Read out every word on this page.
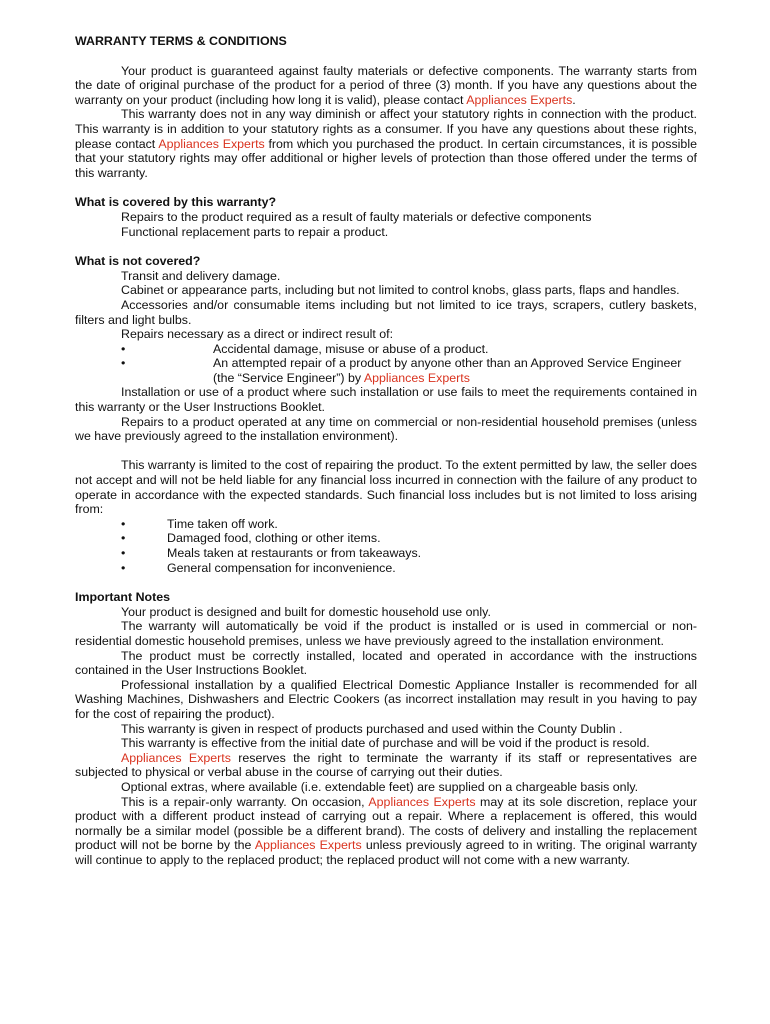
WARRANTY TERMS & CONDITIONS
Your product is guaranteed against faulty materials or defective components. The warranty starts from the date of original purchase of the product for a period of three (3) month. If you have any questions about the warranty on your product (including how long it is valid), please contact Appliances Experts.
This warranty does not in any way diminish or affect your statutory rights in connection with the product. This warranty is in addition to your statutory rights as a consumer. If you have any questions about these rights, please contact Appliances Experts from which you purchased the product. In certain circumstances, it is possible that your statutory rights may offer additional or higher levels of protection than those offered under the terms of this warranty.
What is covered by this warranty?
Repairs to the product required as a result of faulty materials or defective components
Functional replacement parts to repair a product.
What is not covered?
Transit and delivery damage.
Cabinet or appearance parts, including but not limited to control knobs, glass parts, flaps and handles.
Accessories and/or consumable items including but not limited to ice trays, scrapers, cutlery baskets, filters and light bulbs.
Repairs necessary as a direct or indirect result of:
•	Accidental damage, misuse or abuse of a product.
•	An attempted repair of a product by anyone other than an Approved Service Engineer (the “Service Engineer”) by Appliances Experts
Installation or use of a product where such installation or use fails to meet the requirements contained in this warranty or the User Instructions Booklet.
Repairs to a product operated at any time on commercial or non-residential household premises (unless we have previously agreed to the installation environment).
This warranty is limited to the cost of repairing the product. To the extent permitted by law, the seller does not accept and will not be held liable for any financial loss incurred in connection with the failure of any product to operate in accordance with the expected standards. Such financial loss includes but is not limited to loss arising from:
•	Time taken off work.
•	Damaged food, clothing or other items.
•	Meals taken at restaurants or from takeaways.
•	General compensation for inconvenience.
Important Notes
Your product is designed and built for domestic household use only.
The warranty will automatically be void if the product is installed or is used in commercial or non-residential domestic household premises, unless we have previously agreed to the installation environment.
The product must be correctly installed, located and operated in accordance with the instructions contained in the User Instructions Booklet.
Professional installation by a qualified Electrical Domestic Appliance Installer is recommended for all Washing Machines, Dishwashers and Electric Cookers (as incorrect installation may result in you having to pay for the cost of repairing the product).
This warranty is given in respect of products purchased and used within the County Dublin .
This warranty is effective from the initial date of purchase and will be void if the product is resold.
Appliances Experts reserves the right to terminate the warranty if its staff or representatives are subjected to physical or verbal abuse in the course of carrying out their duties.
Optional extras, where available (i.e. extendable feet) are supplied on a chargeable basis only.
This is a repair-only warranty. On occasion, Appliances Experts may at its sole discretion, replace your product with a different product instead of carrying out a repair. Where a replacement is offered, this would normally be a similar model (possible be a different brand). The costs of delivery and installing the replacement product will not be borne by the Appliances Experts unless previously agreed to in writing. The original warranty will continue to apply to the replaced product; the replaced product will not come with a new warranty.
